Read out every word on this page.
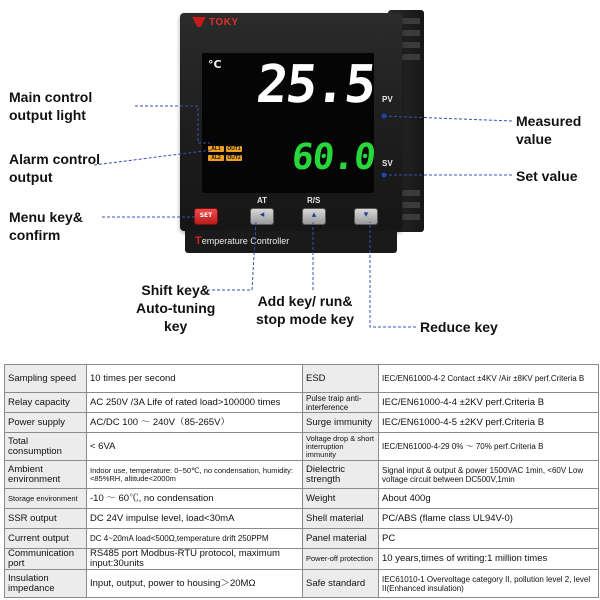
TOKY
°C 25.5
AL1	OUT1
AL2	OUT2 60.0
PV
SV
AT	R/S
SET	◂	▴	▾
Temperature Controller
Main control
output light
Alarm control
output
Menu key&
confirm
Shift key&
Auto-tuning
key
Add key/ run&
stop mode key	Reduce key
Measured
value
Set value
Sampling speed	10 times per second	ESD	IEC/EN61000-4-2 Contact ±4KV /Air ±8KV perf.Criteria B
Relay capacity	AC 250V /3A Life of rated load>100000 times	Pulse traip anti-interference	IEC/EN61000-4-4 ±2KV perf.Criteria B
Power supply	AC/DC 100 ～ 240V（85-265V）	Surge immunity	IEC/EN61000-4-5 ±2KV perf.Criteria B
Total consumption	< 6VA	Voltage drop & short interruption immunity	IEC/EN61000-4-29 0% ～ 70% perf.Criteria B
Ambient environment	Indoor use, temperature: 0~50℃, no condensation, humidity: <85%RH, altitude<2000m	Dielectric strength	Signal input & output & power 1500VAC 1min, <60V Low voltage circuit between DC500V,1min
Storage environment	-10 ～ 60℃, no condensation	Weight	About 400g
SSR output	DC 24V impulse level, load<30mA	Shell material	PC/ABS (flame class UL94V-0)
Current output	DC 4~20mA load<500Ω,temperature drift 250PPM	Panel material	PC
Communication port	RS485 port Modbus-RTU protocol, maximum input:30units	Power-off protection	10 years,times of writing:1 million times
Insulation impedance	Input, output, power to housing＞20MΩ	Safe standard	IEC61010-1 Overvoltage category II, pollution level 2, level II(Enhanced insulation)
